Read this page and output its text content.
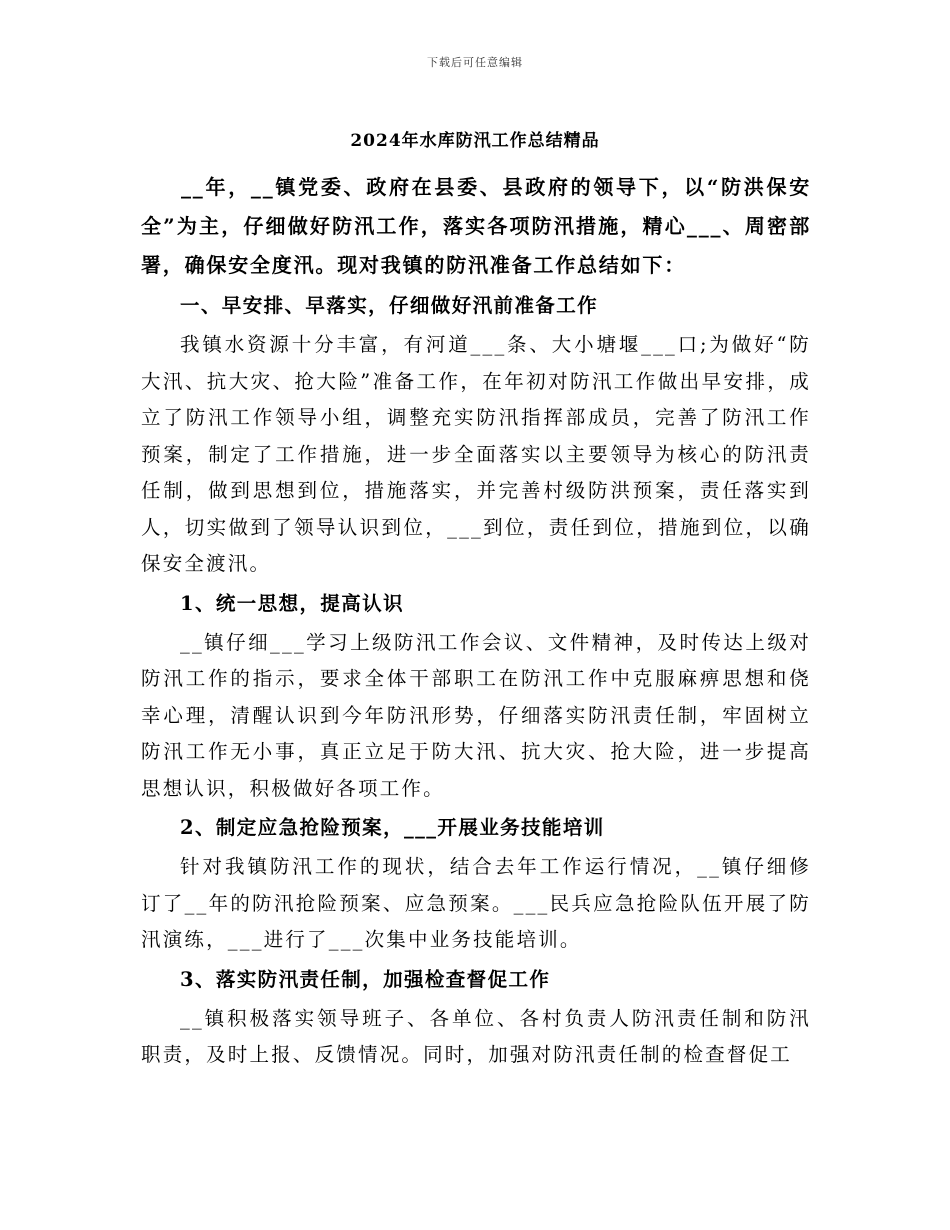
下载后可任意编辑
2024年水库防汛工作总结精品

__年，__镇党委、政府在县委、县政府的领导下，以“防洪保安全”为主，仔细做好防汛工作，落实各项防汛措施，精心___、周密部署，确保安全度汛。现对我镇的防汛准备工作总结如下：

一、早安排、早落实，仔细做好汛前准备工作

我镇水资源十分丰富，有河道___条、大小塘堰___口;为做好“防大汛、抗大灾、抢大险”准备工作，在年初对防汛工作做出早安排，成立了防汛工作领导小组，调整充实防汛指挥部成员，完善了防汛工作预案，制定了工作措施，进一步全面落实以主要领导为核心的防汛责任制，做到思想到位，措施落实，并完善村级防洪预案，责任落实到人，切实做到了领导认识到位，___到位，责任到位，措施到位，以确保安全渡汛。

1、统一思想，提高认识

__镇仔细___学习上级防汛工作会议、文件精神，及时传达上级对防汛工作的指示，要求全体干部职工在防汛工作中克服麻痹思想和侥幸心理，清醒认识到今年防汛形势，仔细落实防汛责任制，牢固树立防汛工作无小事，真正立足于防大汛、抗大灾、抢大险，进一步提高思想认识，积极做好各项工作。

2、制定应急抢险预案，___开展业务技能培训

针对我镇防汛工作的现状，结合去年工作运行情况，__镇仔细修订了__年的防汛抢险预案、应急预案。___民兵应急抢险队伍开展了防汛演练，___进行了___次集中业务技能培训。

3、落实防汛责任制，加强检查督促工作

__镇积极落实领导班子、各单位、各村负责人防汛责任制和防汛职责，及时上报、反馈情况。同时，加强对防汛责任制的检查督促工
